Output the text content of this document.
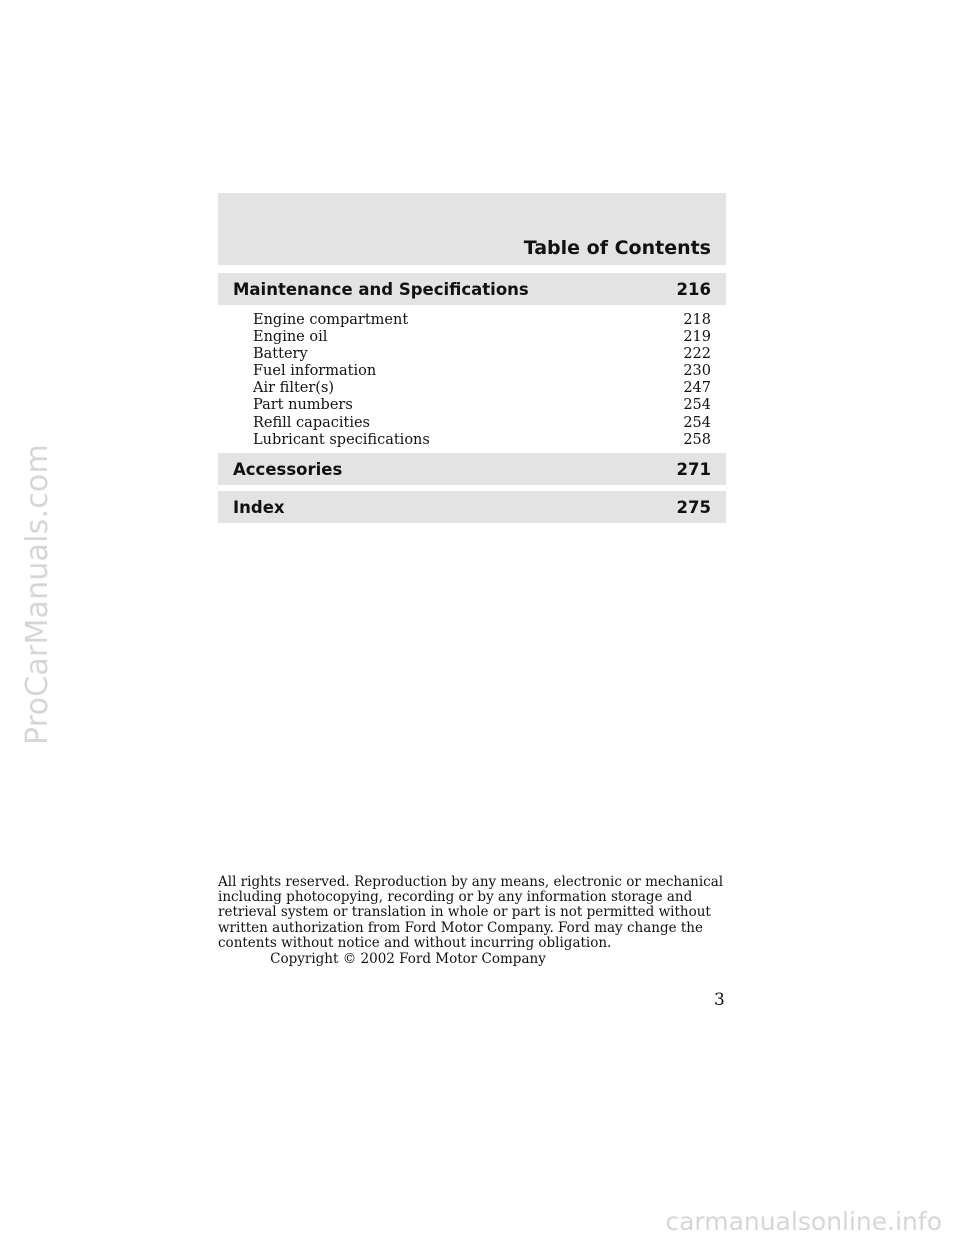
ProCarManuals.com
Table of Contents
Maintenance and Specifications	216
Engine compartment	218
Engine oil	219
Battery	222
Fuel information	230
Air filter(s)	247
Part numbers	254
Refill capacities	254
Lubricant specifications	258
Accessories	271
Index	275

All rights reserved. Reproduction by any means, electronic or mechanical including photocopying, recording or by any information storage and retrieval system or translation in whole or part is not permitted without written authorization from Ford Motor Company. Ford may change the contents without notice and without incurring obligation.

Copyright © 2002 Ford Motor Company
3
carmanualsonline.info
